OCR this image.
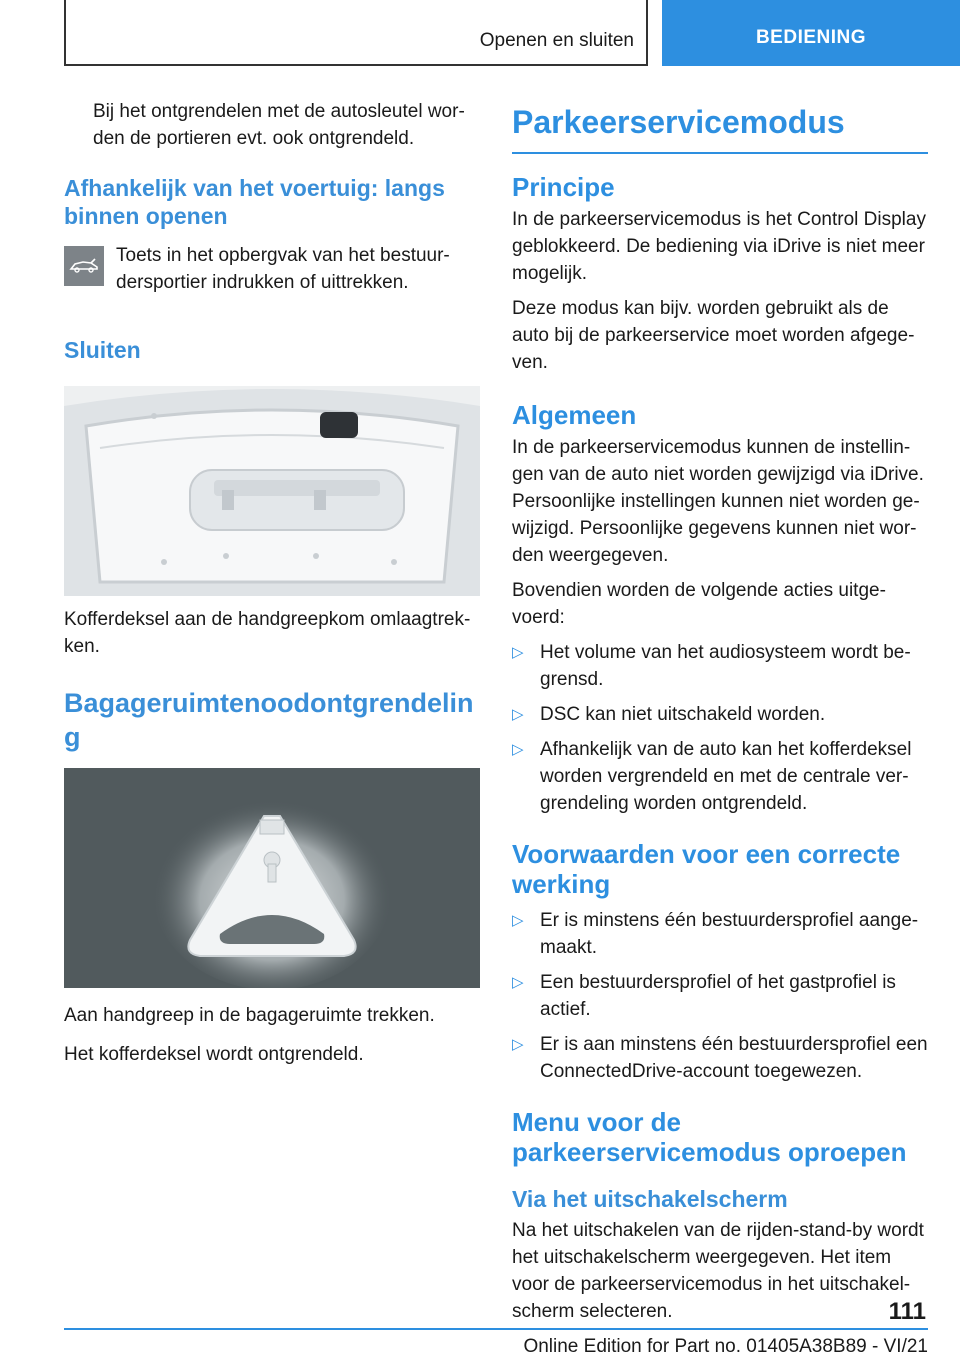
Openen en sluiten	BEDIENING

Bij het ontgrendelen met de autosleutel wor-den de portieren evt. ook ontgrendeld.

Afhankelijk van het voertuig: langs binnen openen

Toets in het opbergvak van het bestuur-dersportier indrukken of uittrekken.

Sluiten

Kofferdeksel aan de handgreepkom omlaagtrek-ken.

Bagageruimtenoodontgrendelin g

Aan handgreep in de bagageruimte trekken.

Het kofferdeksel wordt ontgrendeld.

Parkeerservicemodus
Principe

In de parkeerservicemodus is het Control Display geblokkeerd. De bediening via iDrive is niet meer mogelijk.

Deze modus kan bijv. worden gebruikt als de auto bij de parkeerservice moet worden afgege-ven.

Algemeen

In de parkeerservicemodus kunnen de instellin-gen van de auto niet worden gewijzigd via iDrive. Persoonlijke instellingen kunnen niet worden ge-wijzigd. Persoonlijke gegevens kunnen niet wor-den weergegeven.

Bovendien worden de volgende acties uitge-voerd:

▷ Het volume van het audiosysteem wordt be-grensd.

▷ DSC kan niet uitschakeld worden.

▷ Afhankelijk van de auto kan het kofferdeksel worden vergrendeld en met de centrale ver-grendeling worden ontgrendeld.

Voorwaarden voor een correcte werking
▷ Er is minstens één bestuurdersprofiel aange-maakt.

▷ Een bestuurdersprofiel of het gastprofiel is actief.

▷ Er is aan minstens één bestuurdersprofiel een ConnectedDrive-account toegewezen.

Menu voor de parkeerservicemodus oproepen
Via het uitschakelscherm

Na het uitschakelen van de rijden-stand-by wordt het uitschakelscherm weergegeven. Het item voor de parkeerservicemodus in het uitschakel-scherm selecteren.	111
Online Edition for Part no. 01405A38B89 - VI/21
